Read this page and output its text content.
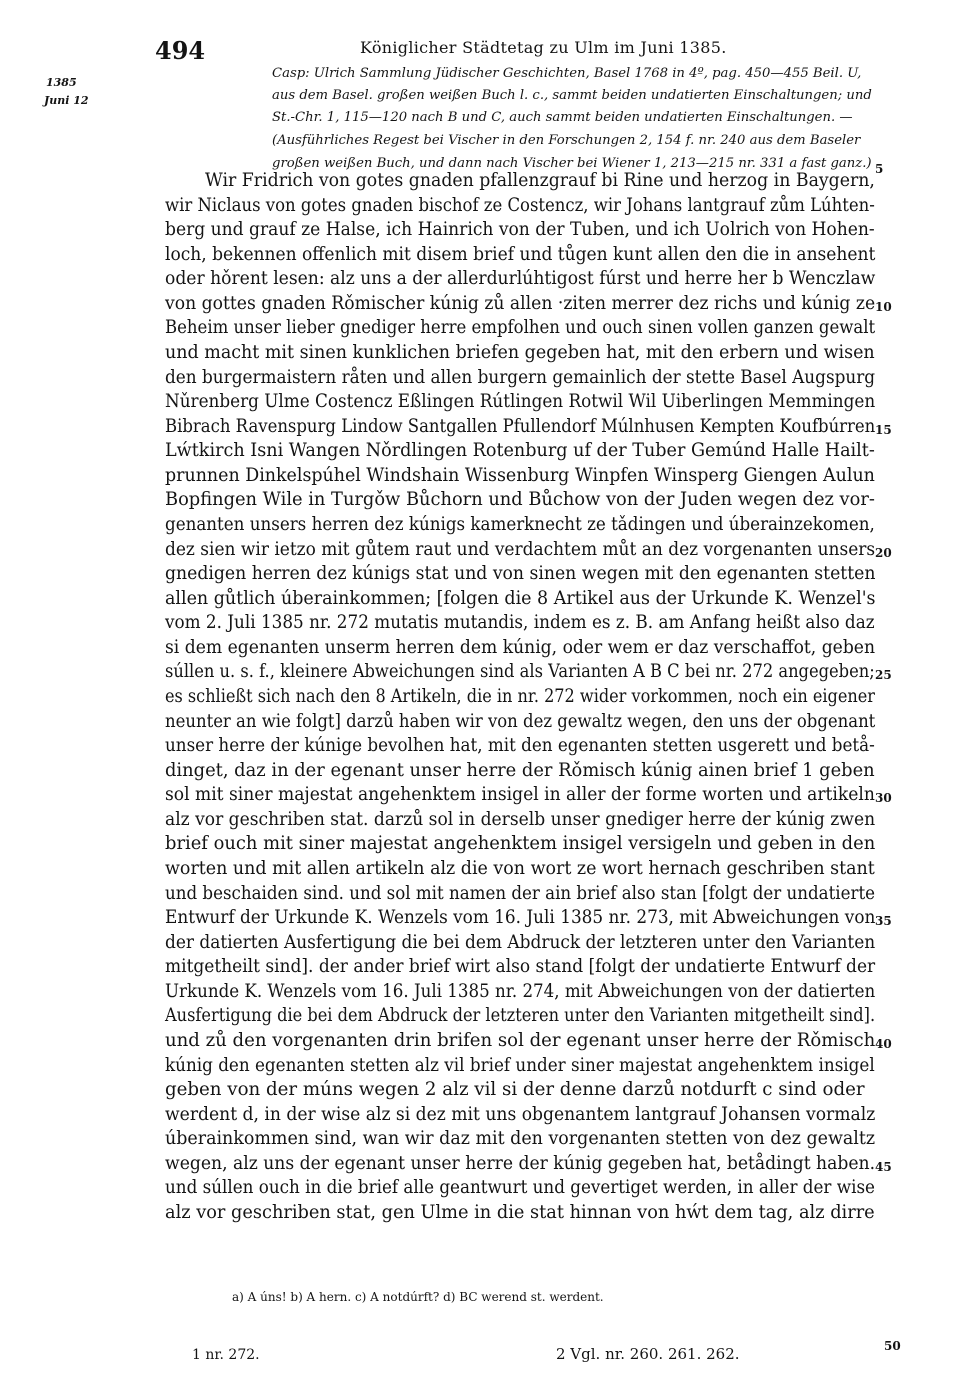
494	Königlicher Städtetag zu Ulm im Juni 1385.
1385
Juni 12
Casp: Ulrich Sammlung Jüdischer Geschichten, Basel 1768 in 4º, pag. 450—455 Beil. U,
aus dem Basel. großen weißen Buch l. c., sammt beiden undatierten Einschaltungen; und
St.-Chr. 1, 115—120 nach B und C, auch sammt beiden undatierten Einschaltungen. —
(Ausführliches Regest bei Vischer in den Forschungen 2, 154 f. nr. 240 aus dem Baseler
großen weißen Buch, und dann nach Vischer bei Wiener 1, 213—215 nr. 331 a fast ganz.)
Wir Fridrich von gotes gnaden pfallenzgrauf bi Rine und herzog in Baygern,
wir Niclaus von gotes gnaden bischof ze Costencz, wir Johans lantgrauf zům Lúhten-
berg und grauf ze Halse, ich Hainrich von der Tuben, und ich Uolrich von Hohen-
loch, bekennen offenlich mit disem brief und tůgen kunt allen den die in ansehent
oder hǒrent lesen: alz uns a der allerdurlúhtigost fúrst und herre her b Wenczlaw
von gottes gnaden Rǒmischer kúnig zů allen ·ziten merrer dez richs und kúnig ze
Beheim unser lieber gnediger herre empfolhen und ouch sinen vollen ganzen gewalt
und macht mit sinen kunklichen briefen gegeben hat, mit den erbern und wisen
den burgermaistern råten und allen burgern gemainlich der stette Basel Augspurg
Nǔrenberg Ulme Costencz Eßlingen Rútlingen Rotwil Wil Uiberlingen Memmingen
Bibrach Ravenspurg Lindow Santgallen Pfullendorf Múlnhusen Kempten Koufbúrren
Lẃtkirch Isni Wangen Nǒrdlingen Rotenburg uf der Tuber Gemúnd Halle Hailt-
prunnen Dinkelspúhel Windshain Wissenburg Winpfen Winsperg Giengen Aulun
Bopfingen Wile in Turgǒw Bůchorn und Bůchow von der Juden wegen dez vor-
genanten unsers herren dez kúnigs kamerknecht ze tǎdingen und úberainzekomen,
dez sien wir ietzo mit gůtem raut und verdachtem můt an dez vorgenanten unsers
gnedigen herren dez kúnigs stat und von sinen wegen mit den egenanten stetten
allen gůtlich úberainkommen; [folgen die 8 Artikel aus der Urkunde K. Wenzel's
vom 2. Juli 1385 nr. 272 mutatis mutandis, indem es z. B. am Anfang heißt also daz
si dem egenanten unserm herren dem kúnig, oder wem er daz verschaffot, geben
súllen u. s. f., kleinere Abweichungen sind als Varianten A B C bei nr. 272 angegeben;
es schließt sich nach den 8 Artikeln, die in nr. 272 wider vorkommen, noch ein eigener
neunter an wie folgt] darzů haben wir von dez gewaltz wegen, den uns der obgenant
unser herre der kúnige bevolhen hat, mit den egenanten stetten usgerett und betå-
dinget, daz in der egenant unser herre der Rǒmisch kúnig ainen brief 1 geben
sol mit siner majestat angehenktem insigel in aller der forme worten und artikeln
alz vor geschriben stat. darzů sol in derselb unser gnediger herre der kúnig zwen
brief ouch mit siner majestat angehenktem insigel versigeln und geben in den
worten und mit allen artikeln alz die von wort ze wort hernach geschriben stant
und beschaiden sind. und sol mit namen der ain brief also stan [folgt der undatierte
Entwurf der Urkunde K. Wenzels vom 16. Juli 1385 nr. 273, mit Abweichungen von
der datierten Ausfertigung die bei dem Abdruck der letzteren unter den Varianten
mitgetheilt sind]. der ander brief wirt also stand [folgt der undatierte Entwurf der
Urkunde K. Wenzels vom 16. Juli 1385 nr. 274, mit Abweichungen von der datierten
Ausfertigung die bei dem Abdruck der letzteren unter den Varianten mitgetheilt sind].
und zů den vorgenanten drin brifen sol der egenant unser herre der Rǒmisch
kúnig den egenanten stetten alz vil brief under siner majestat angehenktem insigel
geben von der múns wegen 2 alz vil si der denne darzů notdurft c sind oder
werdent d, in der wise alz si dez mit uns obgenantem lantgrauf Johansen vormalz
úberainkommen sind, wan wir daz mit den vorgenanten stetten von dez gewaltz
wegen, alz uns der egenant unser herre der kúnig gegeben hat, betådingt haben.
und súllen ouch in die brief alle geantwurt und gevertiget werden, in aller der wise
alz vor geschriben stat, gen Ulme in die stat hinnan von hẃt dem tag, alz dirre
a) A úns! b) A hern. c) A notdúrft? d) BC werend st. werdent.
1 nr. 272.	2 Vgl. nr. 260. 261. 262.	50
5
10
15
20
25
30
35
40
45
